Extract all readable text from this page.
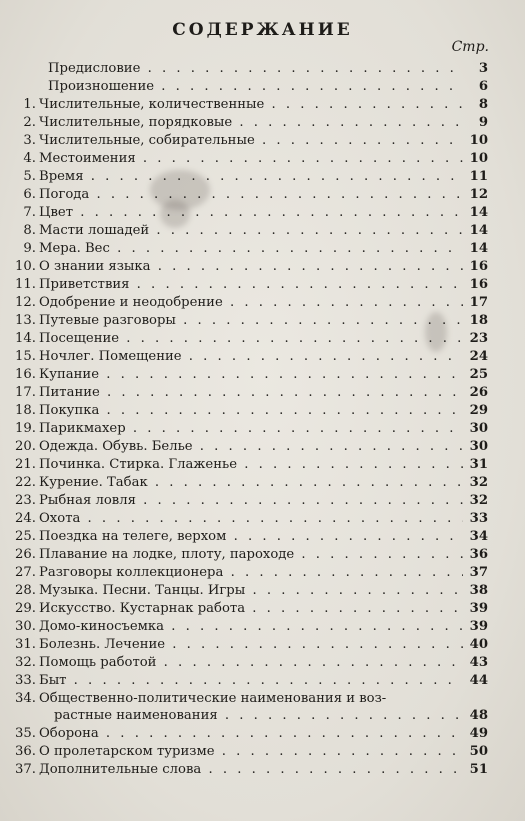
СОДЕРЖАНИЕ
Стр.
Предисловие . . .	3
Произношение . . .	6
1. Числительные, количественные . . .	8
2. Числительные, порядковые . . .	9
3. Числительные, собирательные . . .	10
4. Местоимения . . .	10
5. Время . . .	11
6. Погода . . .	12
7. Цвет . . .	14
8. Масти лошадей . . .	14
9. Мера. Вес . . .	14
10. О знании языка . . .	16
11. Приветствия . . .	16
12. Одобрение и неодобрение . . .	17
13. Путевые разговоры . . .	18
14. Посещение . . .	23
15. Ночлег. Помещение . . .	24
16. Купание . . .	25
17. Питание . . .	26
18. Покупка . . .	29
19. Парикмахер . . .	30
20. Одежда. Обувь. Белье . . .	30
21. Починка. Стирка. Глаженье . . .	31
22. Курение. Табак . . .	32
23. Рыбная ловля . . .	32
24. Охота . . .	33
25. Поездка на телеге, верхом . . .	34
26. Плавание на лодке, плоту, пароходе . . .	36
27. Разговоры коллекционера . . .	37
28. Музыка. Песни. Танцы. Игры . . .	38
29. Искусство. Кустарнак работа . . .	39
30. Домо-киносъемка . . .	39
31. Болезнь. Лечение . . .	40
32. Помощь работой . . .	43
33. Быт . . .	44
34. Общественно-политические наименования и воз-
растные наименования . . .	48
35. Оборона . . .	49
36. О пролетарском туризме . . .	50
37. Дополнительные слова . . .	51
